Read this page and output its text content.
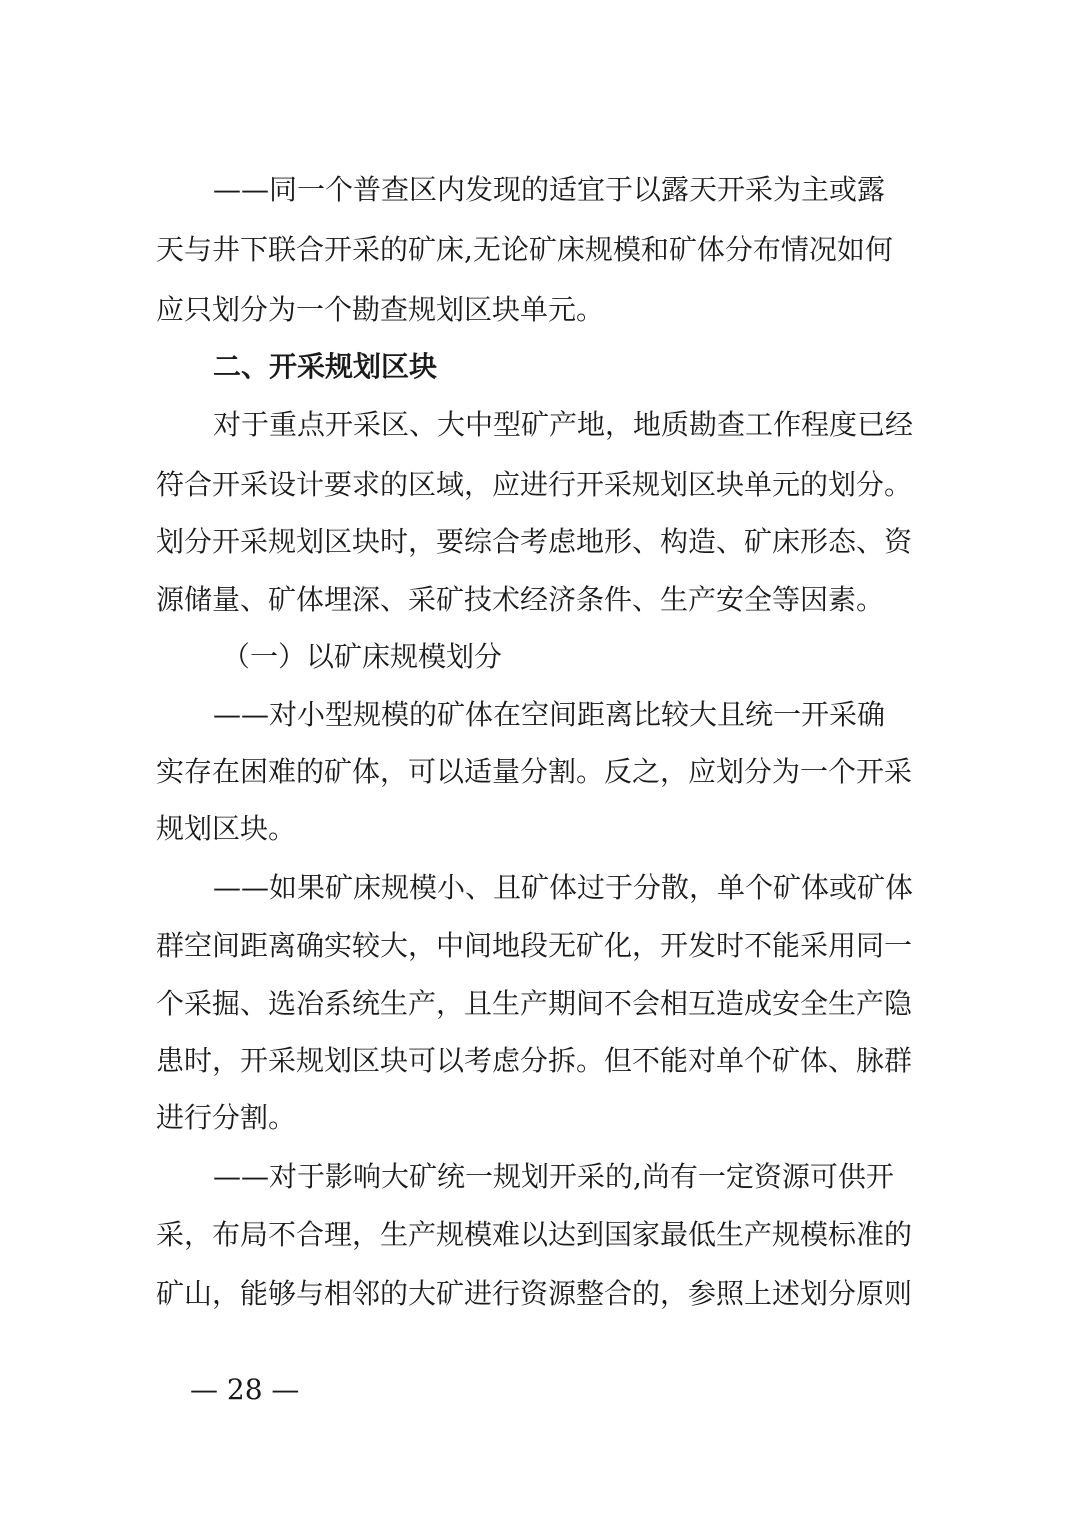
——同一个普查区内发现的适宜于以露天开采为主或露
天与井下联合开采的矿床,无论矿床规模和矿体分布情况如何
应只划分为一个勘查规划区块单元。
二、开采规划区块
对于重点开采区、大中型矿产地，地质勘查工作程度已经
符合开采设计要求的区域，应进行开采规划区块单元的划分。
划分开采规划区块时，要综合考虑地形、构造、矿床形态、资
源储量、矿体埋深、采矿技术经济条件、生产安全等因素。
（一）以矿床规模划分
——对小型规模的矿体在空间距离比较大且统一开采确
实存在困难的矿体，可以适量分割。反之，应划分为一个开采
规划区块。
——如果矿床规模小、且矿体过于分散，单个矿体或矿体
群空间距离确实较大，中间地段无矿化，开发时不能采用同一
个采掘、选冶系统生产，且生产期间不会相互造成安全生产隐
患时，开采规划区块可以考虑分拆。但不能对单个矿体、脉群
进行分割。
——对于影响大矿统一规划开采的,尚有一定资源可供开
采，布局不合理，生产规模难以达到国家最低生产规模标准的
矿山，能够与相邻的大矿进行资源整合的，参照上述划分原则
— 28 —
